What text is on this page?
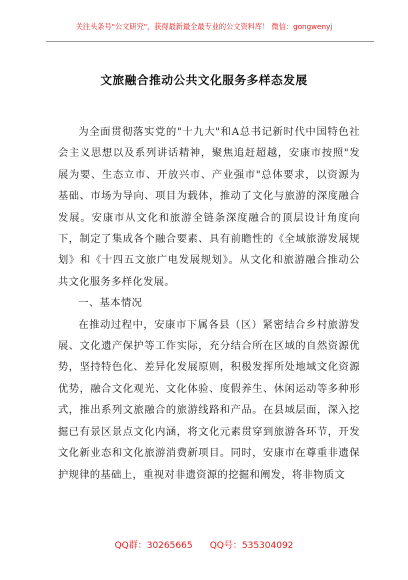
关注头条号"公文研究"，获得最新最全最专业的公文资料库！ 微信：gongwenyj
文旅融合推动公共文化服务多样态发展

为全面贯彻落实党的"十九大"和A总书记新时代中国特色社会主义思想以及系列讲话精神，聚焦追赶超越，安康市按照"发展为要、生态立市、开放兴市、产业强市"总体要求，以资源为基础、市场为导向、项目为载体，推动了文化与旅游的深度融合发展。安康市从文化和旅游全链条深度融合的顶层设计角度向下，制定了集成各个融合要素、具有前瞻性的《全域旅游发展规划》和《十四五文旅广电发展规划》。从文化和旅游融合推动公共文化服务多样化发展。

一、基本情况

在推动过程中，安康市下属各县（区）紧密结合乡村旅游发展、文化遗产保护等工作实际，充分结合所在区域的自然资源优势，坚持特色化、差异化发展原则，积极发挥所处地域文化资源优势，融合文化观光、文化体验、度假养生、休闲运动等多种形式，推出系列文旅融合的旅游线路和产品。在县域层面，深入挖掘已有景区景点文化内涵，将文化元素贯穿到旅游各环节，开发文化新业态和文化旅游消费新项目。同时，安康市在尊重非遗保护规律的基础上，重视对非遗资源的挖掘和阐发，将非物质文

QQ群：30265665      QQ号：535304092
